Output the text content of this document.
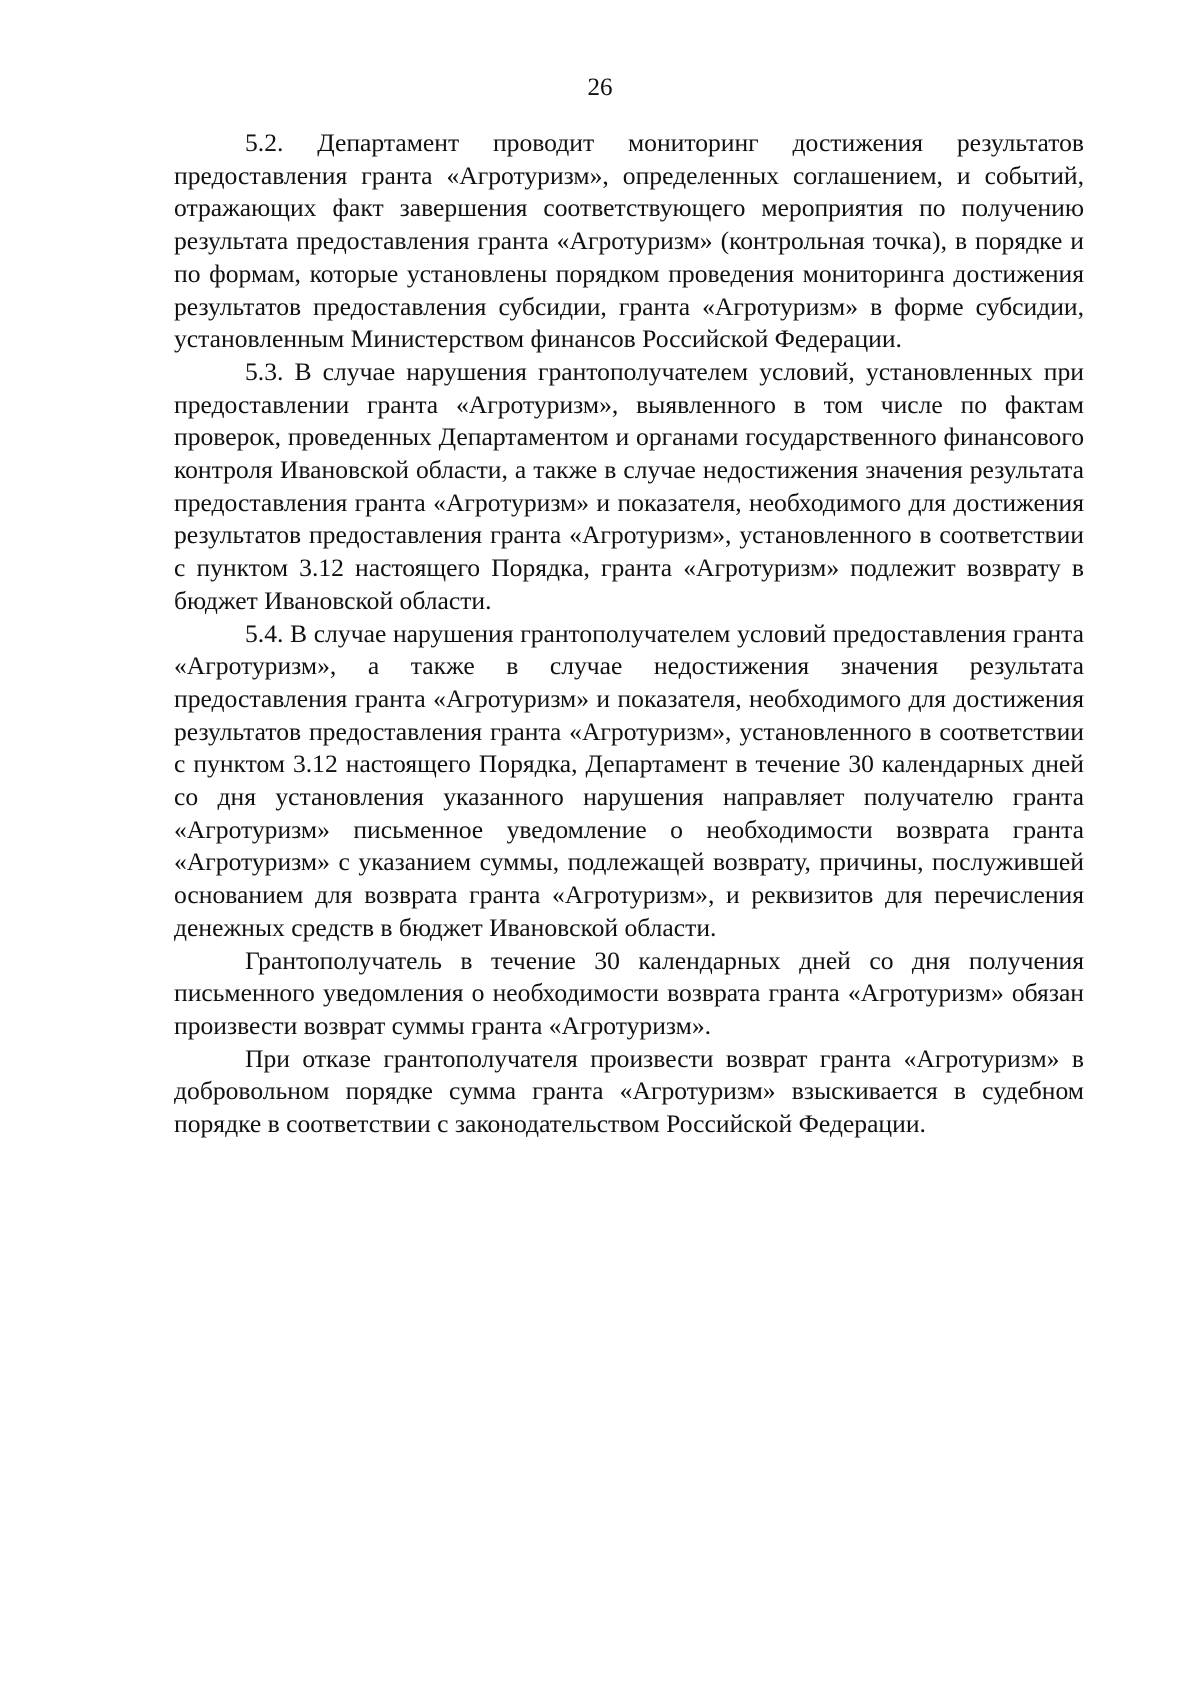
26

5.2. Департамент проводит мониторинг достижения результатов предоставления гранта «Агротуризм», определенных соглашением, и событий, отражающих факт завершения соответствующего мероприятия по получению результата предоставления гранта «Агротуризм» (контрольная точка), в порядке и по формам, которые установлены порядком проведения мониторинга достижения результатов предоставления субсидии, гранта «Агротуризм» в форме субсидии, установленным Министерством финансов Российской Федерации.

5.3. В случае нарушения грантополучателем условий, установленных при предоставлении гранта «Агротуризм», выявленного в том числе по фактам проверок, проведенных Департаментом и органами государственного финансового контроля Ивановской области, а также в случае недостижения значения результата предоставления гранта «Агротуризм» и показателя, необходимого для достижения результатов предоставления гранта «Агротуризм», установленного в соответствии с пунктом 3.12 настоящего Порядка, гранта «Агротуризм» подлежит возврату в бюджет Ивановской области.

5.4. В случае нарушения грантополучателем условий предоставления гранта «Агротуризм», а также в случае недостижения значения результата предоставления гранта «Агротуризм» и показателя, необходимого для достижения результатов предоставления гранта «Агротуризм», установленного в соответствии с пунктом 3.12 настоящего Порядка, Департамент в течение 30 календарных дней со дня установления указанного нарушения направляет получателю гранта «Агротуризм» письменное уведомление о необходимости возврата гранта «Агротуризм» с указанием суммы, подлежащей возврату, причины, послужившей основанием для возврата гранта «Агротуризм», и реквизитов для перечисления денежных средств в бюджет Ивановской области.

Грантополучатель в течение 30 календарных дней со дня получения письменного уведомления о необходимости возврата гранта «Агротуризм» обязан произвести возврат суммы гранта «Агротуризм».

При отказе грантополучателя произвести возврат гранта «Агротуризм» в добровольном порядке сумма гранта «Агротуризм» взыскивается в судебном порядке в соответствии с законодательством Российской Федерации.
